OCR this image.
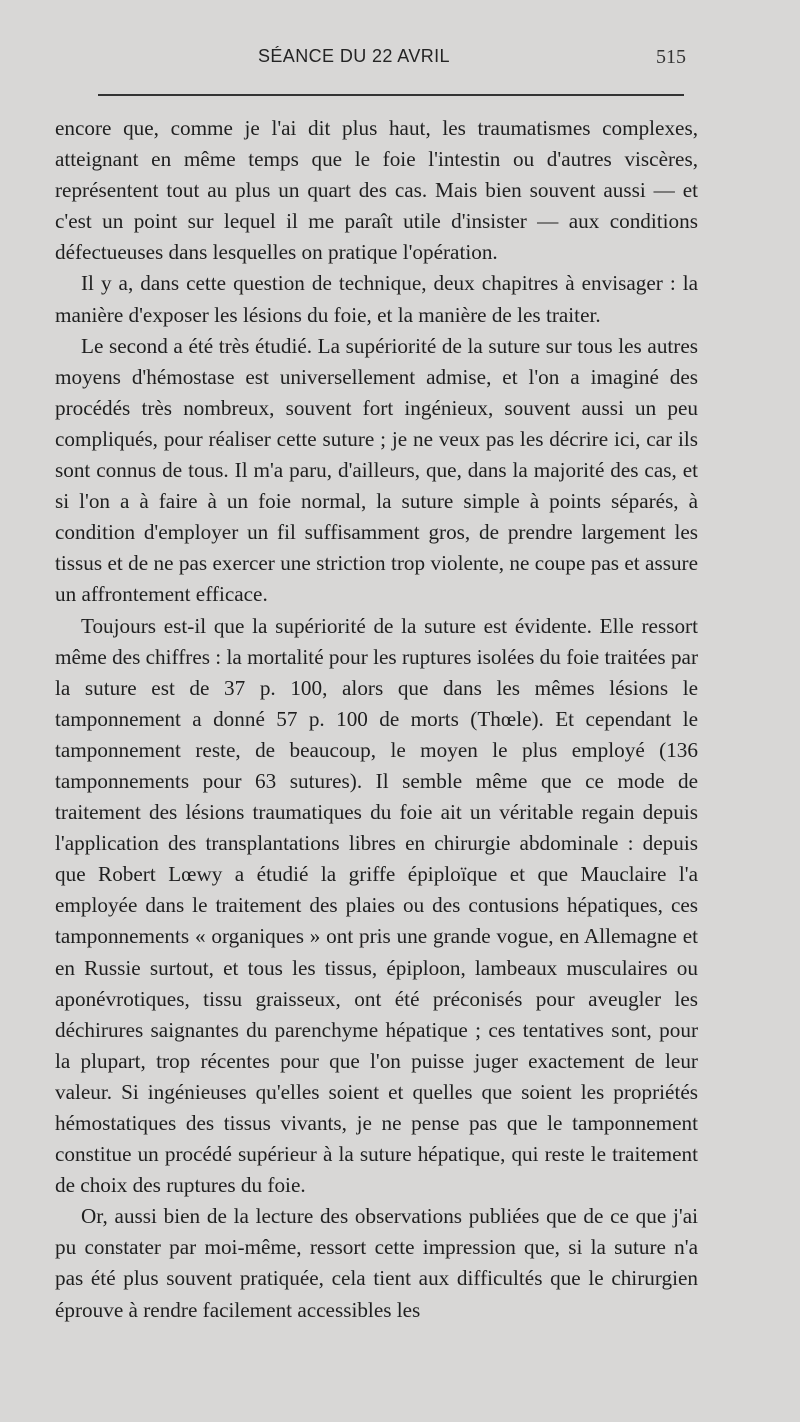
SÉANCE DU 22 AVRIL	515

encore que, comme je l'ai dit plus haut, les traumatismes complexes, atteignant en même temps que le foie l'intestin ou d'autres viscères, représentent tout au plus un quart des cas. Mais bien souvent aussi — et c'est un point sur lequel il me paraît utile d'insister — aux conditions défectueuses dans lesquelles on pratique l'opération.

Il y a, dans cette question de technique, deux chapitres à envisager : la manière d'exposer les lésions du foie, et la manière de les traiter.

Le second a été très étudié. La supériorité de la suture sur tous les autres moyens d'hémostase est universellement admise, et l'on a imaginé des procédés très nombreux, souvent fort ingénieux, souvent aussi un peu compliqués, pour réaliser cette suture ; je ne veux pas les décrire ici, car ils sont connus de tous. Il m'a paru, d'ailleurs, que, dans la majorité des cas, et si l'on a à faire à un foie normal, la suture simple à points séparés, à condition d'employer un fil suffisamment gros, de prendre largement les tissus et de ne pas exercer une striction trop violente, ne coupe pas et assure un affrontement efficace.

Toujours est-il que la supériorité de la suture est évidente. Elle ressort même des chiffres : la mortalité pour les ruptures isolées du foie traitées par la suture est de 37 p. 100, alors que dans les mêmes lésions le tamponnement a donné 57 p. 100 de morts (Thœle). Et cependant le tamponnement reste, de beaucoup, le moyen le plus employé (136 tamponnements pour 63 sutures). Il semble même que ce mode de traitement des lésions traumatiques du foie ait un véritable regain depuis l'application des transplantations libres en chirurgie abdominale : depuis que Robert Lœwy a étudié la griffe épiploïque et que Mauclaire l'a employée dans le traitement des plaies ou des contusions hépatiques, ces tamponnements « organiques » ont pris une grande vogue, en Allemagne et en Russie surtout, et tous les tissus, épiploon, lambeaux musculaires ou aponévrotiques, tissu graisseux, ont été préconisés pour aveugler les déchirures saignantes du parenchyme hépatique ; ces tentatives sont, pour la plupart, trop récentes pour que l'on puisse juger exactement de leur valeur. Si ingénieuses qu'elles soient et quelles que soient les propriétés hémostatiques des tissus vivants, je ne pense pas que le tamponnement constitue un procédé supérieur à la suture hépatique, qui reste le traitement de choix des ruptures du foie.

Or, aussi bien de la lecture des observations publiées que de ce que j'ai pu constater par moi-même, ressort cette impression que, si la suture n'a pas été plus souvent pratiquée, cela tient aux difficultés que le chirurgien éprouve à rendre facilement accessibles les
